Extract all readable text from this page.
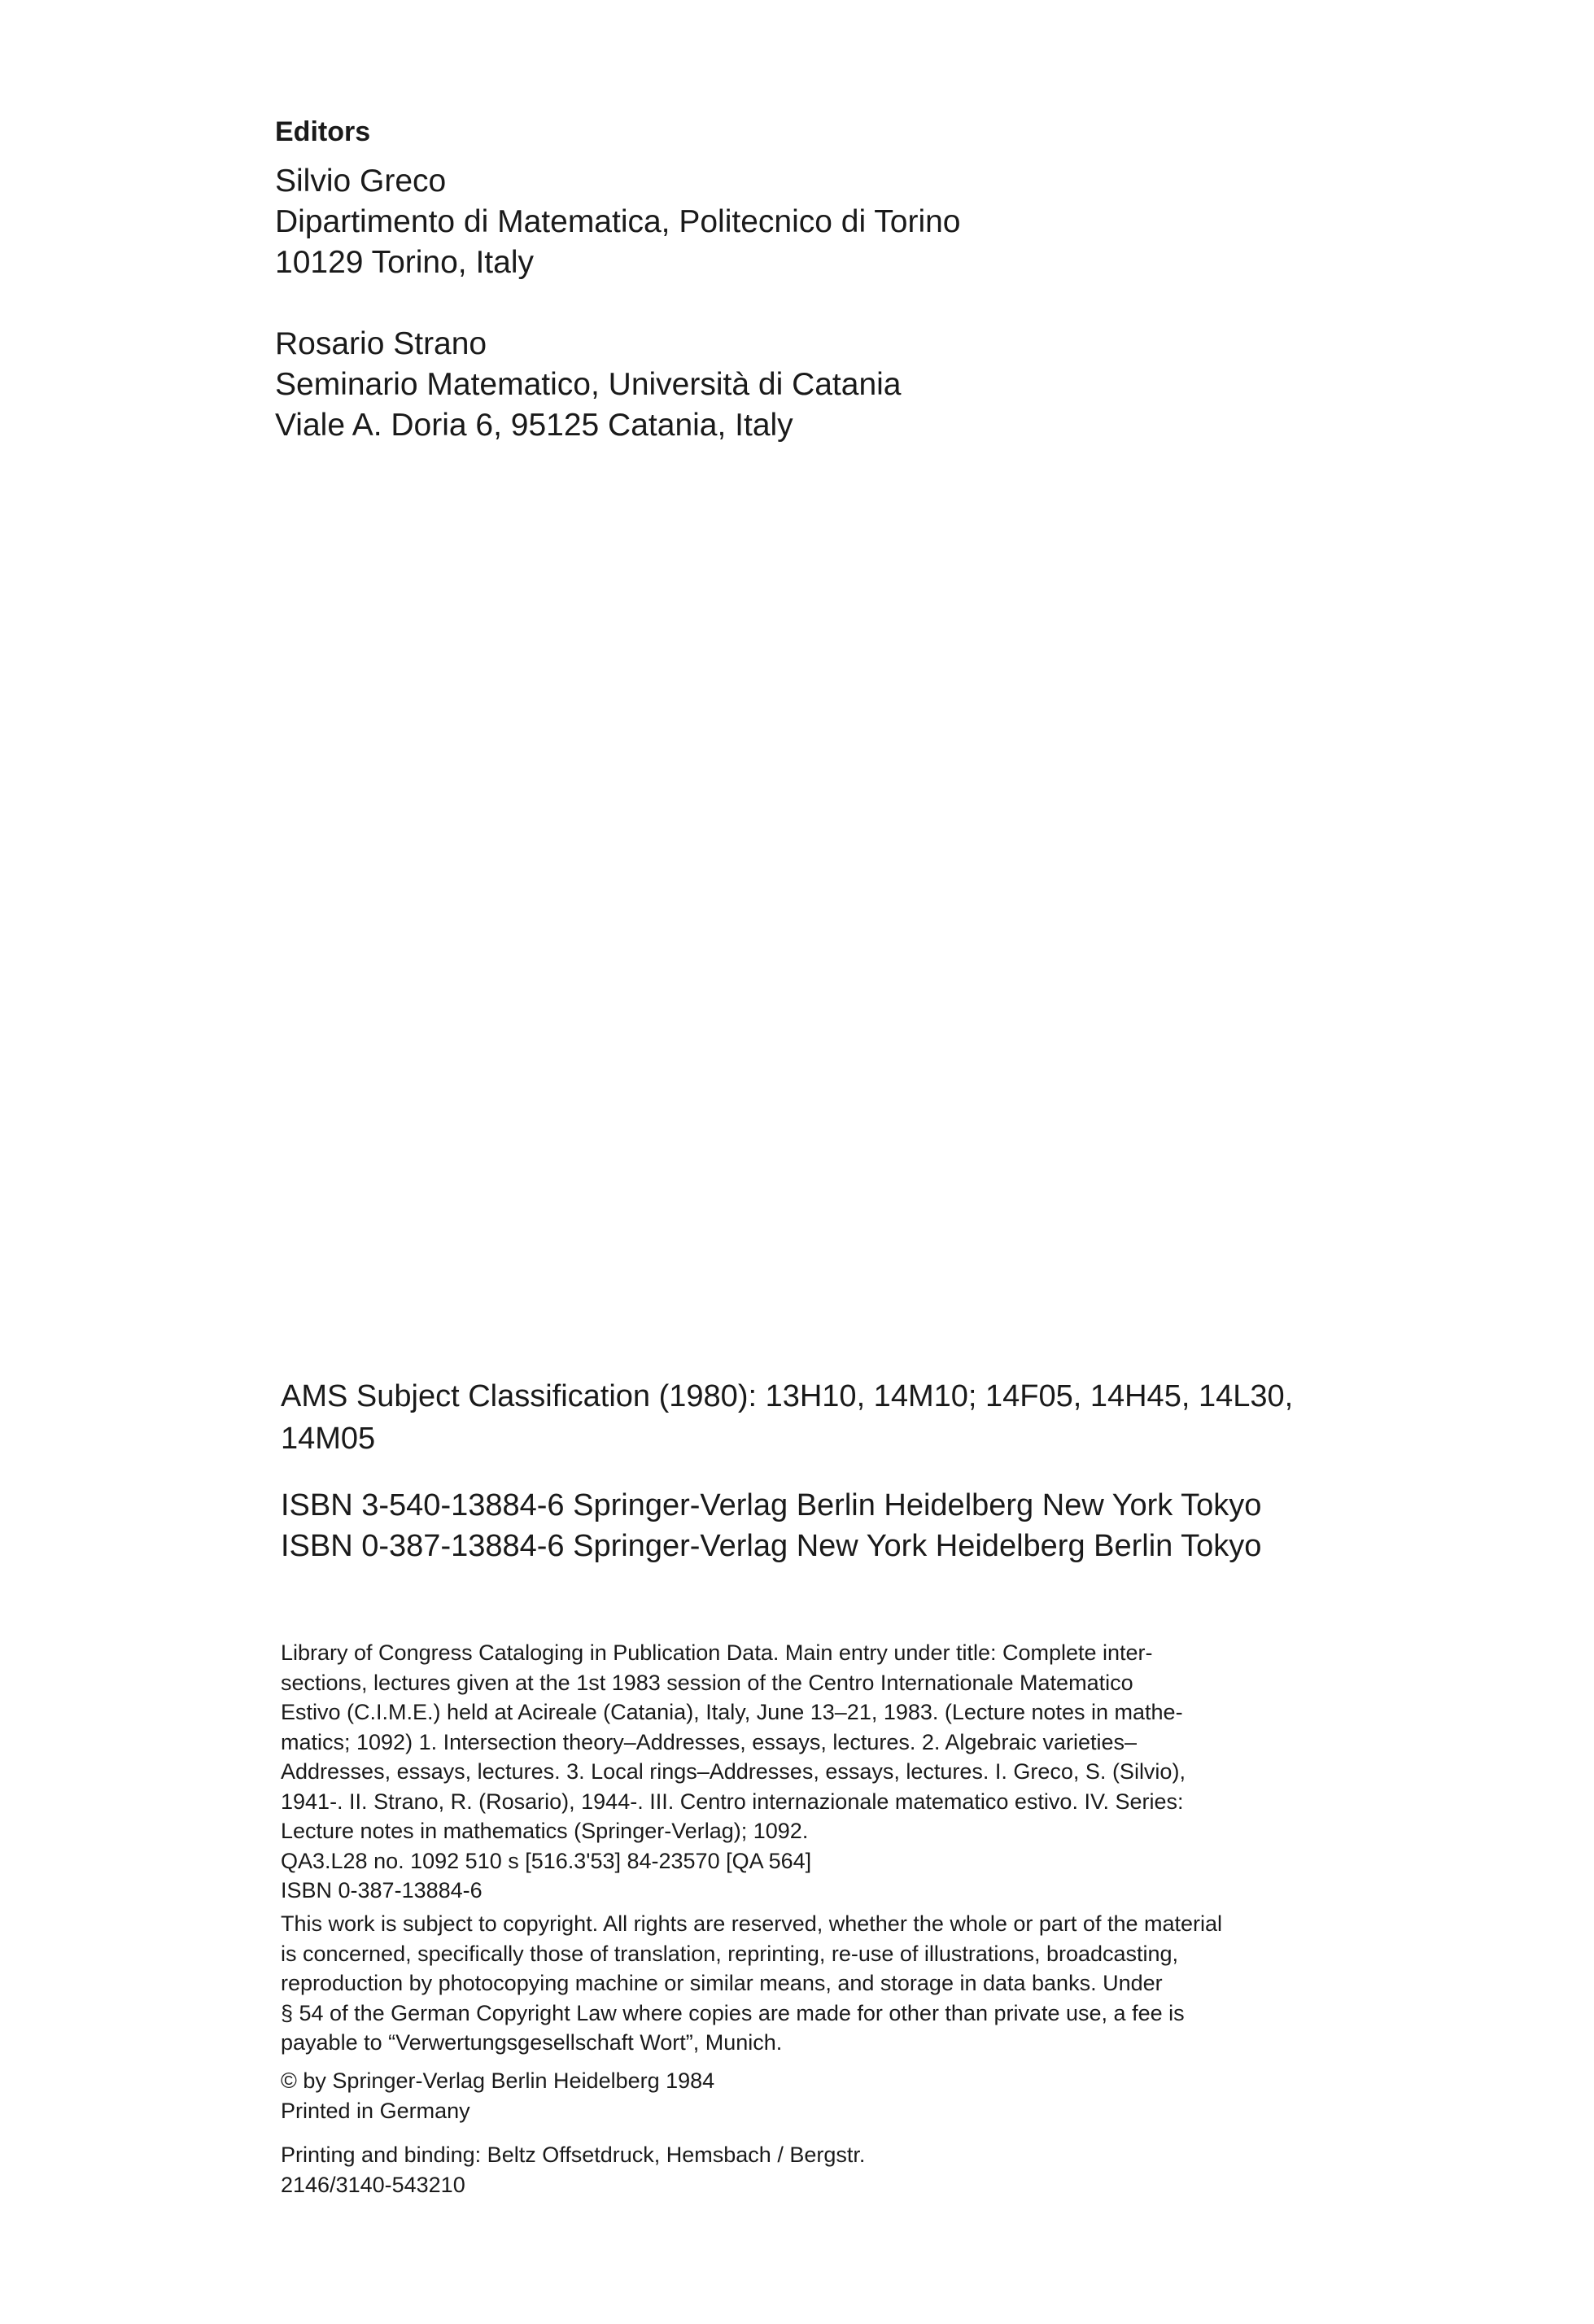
Editors
Silvio Greco
Dipartimento di Matematica, Politecnico di Torino
10129 Torino, Italy
Rosario Strano
Seminario Matematico, Università di Catania
Viale A. Doria 6, 95125 Catania, Italy
AMS Subject Classification (1980): 13H10, 14M10; 14F05, 14H45, 14L30,
14M05
ISBN 3-540-13884-6 Springer-Verlag Berlin Heidelberg New York Tokyo
ISBN 0-387-13884-6 Springer-Verlag New York Heidelberg Berlin Tokyo
Library of Congress Cataloging in Publication Data. Main entry under title: Complete inter-
sections, lectures given at the 1st 1983 session of the Centro Internationale Matematico
Estivo (C.I.M.E.) held at Acireale (Catania), Italy, June 13–21, 1983. (Lecture notes in mathe-
matics; 1092) 1. Intersection theory–Addresses, essays, lectures. 2. Algebraic varieties–
Addresses, essays, lectures. 3. Local rings–Addresses, essays, lectures. I. Greco, S. (Silvio),
1941-. II. Strano, R. (Rosario), 1944-. III. Centro internazionale matematico estivo. IV. Series:
Lecture notes in mathematics (Springer-Verlag); 1092.
QA3.L28 no. 1092 510 s [516.3'53] 84-23570 [QA 564]
ISBN 0-387-13884-6
This work is subject to copyright. All rights are reserved, whether the whole or part of the material
is concerned, specifically those of translation, reprinting, re-use of illustrations, broadcasting,
reproduction by photocopying machine or similar means, and storage in data banks. Under
§ 54 of the German Copyright Law where copies are made for other than private use, a fee is
payable to “Verwertungsgesellschaft Wort”, Munich.
© by Springer-Verlag Berlin Heidelberg 1984
Printed in Germany
Printing and binding: Beltz Offsetdruck, Hemsbach / Bergstr.
2146/3140-543210
